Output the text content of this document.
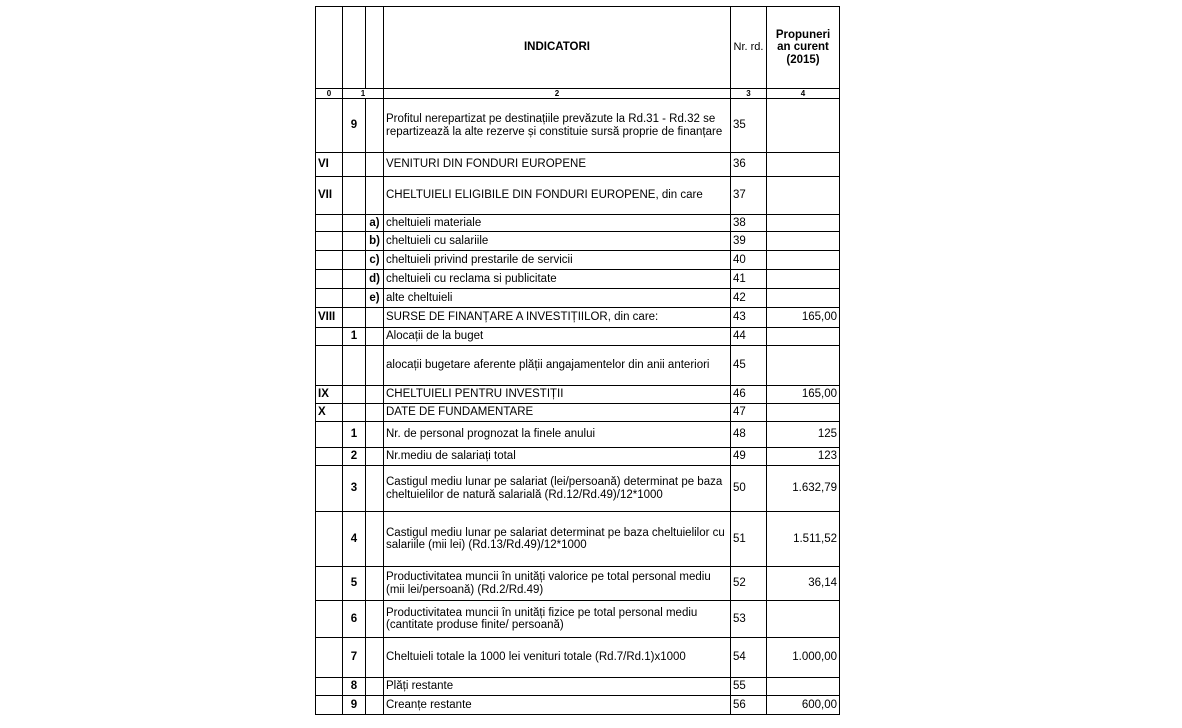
			INDICATORI	Nr. rd.	Propuneri an curent (2015)
0	1		2	3	4
	9		Profitul nerepartizat pe destinațiile prevăzute la Rd.31 - Rd.32 se repartizează la alte rezerve și constituie sursă proprie de finanțare	35	
VI			VENITURI DIN FONDURI EUROPENE	36	
VII			CHELTUIELI ELIGIBILE DIN FONDURI EUROPENE, din care	37	
		a)	cheltuieli materiale	38	
		b)	cheltuieli cu salariile	39	
		c)	cheltuieli privind prestarile de servicii	40	
		d)	cheltuieli cu reclama si publicitate	41	
		e)	alte cheltuieli	42	
VIII			SURSE DE FINANȚARE A INVESTIȚIILOR, din care:	43	165,00
	1		Alocații de la buget	44	
			alocații bugetare aferente plății angajamentelor din anii anteriori	45	
IX			CHELTUIELI PENTRU INVESTIȚII	46	165,00
X			DATE DE FUNDAMENTARE	47	
	1		Nr. de personal prognozat la finele anului	48	125
	2		Nr.mediu de salariați total	49	123
	3		Castigul mediu lunar pe salariat (lei/persoană) determinat pe baza cheltuielilor de natură salarială (Rd.12/Rd.49)/12*1000	50	1.632,79
	4		Castigul mediu lunar pe salariat determinat pe baza cheltuielilor cu salariile (mii lei) (Rd.13/Rd.49)/12*1000	51	1.511,52
	5		Productivitatea muncii în unități valorice pe total personal mediu (mii lei/persoană) (Rd.2/Rd.49)	52	36,14
	6		Productivitatea muncii în unități fizice pe total personal mediu (cantitate produse finite/ persoană)	53	
	7		Cheltuieli totale la 1000 lei venituri totale (Rd.7/Rd.1)x1000	54	1.000,00
	8		Plăți restante	55	
	9		Creanțe restante	56	600,00
